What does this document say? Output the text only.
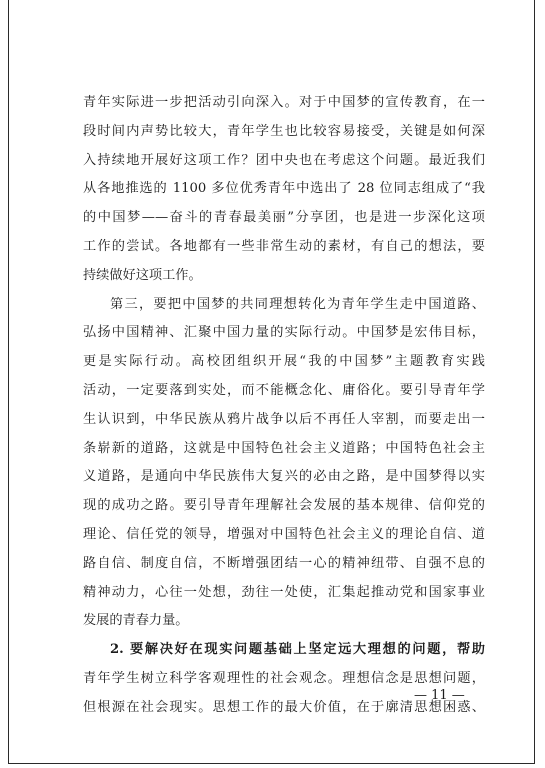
青年实际进一步把活动引向深入。对于中国梦的宣传教育，在一
段时间内声势比较大，青年学生也比较容易接受，关键是如何深
入持续地开展好这项工作？团中央也在考虑这个问题。最近我们
从各地推选的 1100 多位优秀青年中选出了 28 位同志组成了“我
的中国梦——奋斗的青春最美丽”分享团，也是进一步深化这项
工作的尝试。各地都有一些非常生动的素材，有自己的想法，要
持续做好这项工作。
第三，要把中国梦的共同理想转化为青年学生走中国道路、
弘扬中国精神、汇聚中国力量的实际行动。中国梦是宏伟目标，
更是实际行动。高校团组织开展“我的中国梦”主题教育实践
活动，一定要落到实处，而不能概念化、庸俗化。要引导青年学
生认识到，中华民族从鸦片战争以后不再任人宰割，而要走出一
条崭新的道路，这就是中国特色社会主义道路；中国特色社会主
义道路，是通向中华民族伟大复兴的必由之路，是中国梦得以实
现的成功之路。要引导青年理解社会发展的基本规律、信仰党的
理论、信任党的领导，增强对中国特色社会主义的理论自信、道
路自信、制度自信，不断增强团结一心的精神纽带、自强不息的
精神动力，心往一处想，劲往一处使，汇集起推动党和国家事业
发展的青春力量。
2. 要解决好在现实问题基础上坚定远大理想的问题，帮助
青年学生树立科学客观理性的社会观念。理想信念是思想问题，
但根源在社会现实。思想工作的最大价值，在于廓清思想困惑、
— 11 —
